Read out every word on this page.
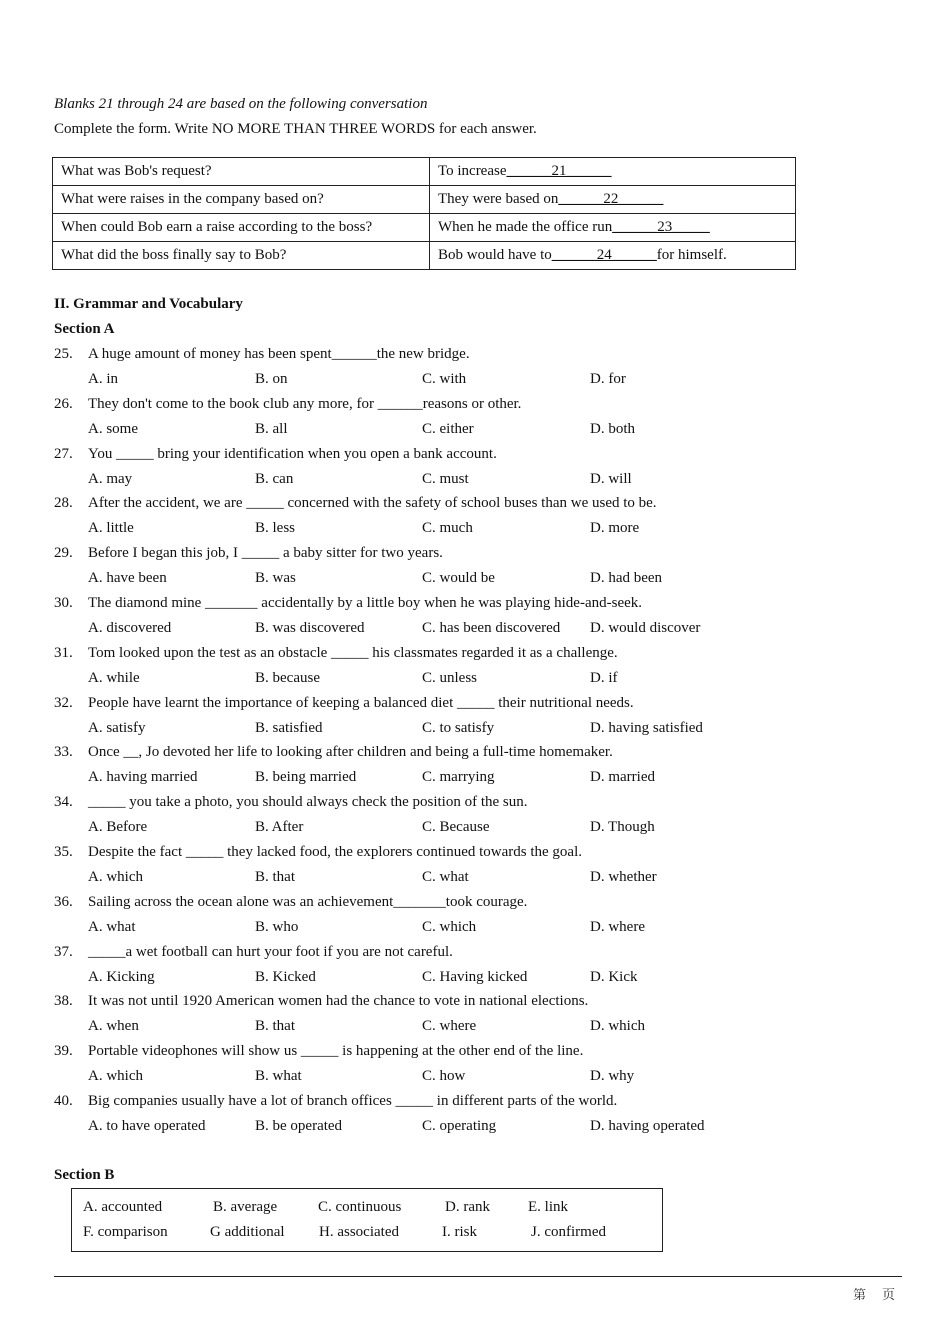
Blanks 21 through 24 are based on the following conversation
Complete the form. Write NO MORE THAN THREE WORDS for each answer.
What was Bob's request?	To increase______21______
What were raises in the company based on?	They were based on______22______
When could Bob earn a raise according to the boss?	When he made the office run______23_____
What did the boss finally say to Bob?	Bob would have to______24______for himself.
II. Grammar and Vocabulary
Section A
25. A huge amount of money has been spent______the new bridge.
A. in	B. on	C. with	D. for
26. They don't come to the book club any more, for ______reasons or other.
A. some	B. all	C. either	D. both
27. You _____ bring your identification when you open a bank account.
A. may	B. can	C. must	D. will
28. After the accident, we are _____ concerned with the safety of school buses than we used to be.
A. little	B. less	C. much	D. more
29. Before I began this job, I _____ a baby sitter for two years.
A. have been	B. was	C. would be	D. had been
30. The diamond mine _______ accidentally by a little boy when he was playing hide-and-seek.
A. discovered	B. was discovered	C. has been discovered D. would discover
31. Tom looked upon the test as an obstacle _____ his classmates regarded it as a challenge.
A. while	B. because	C. unless	D. if
32. People have learnt the importance of keeping a balanced diet _____ their nutritional needs.
A. satisfy	B. satisfied	C. to satisfy	D. having satisfied
33. Once __, Jo devoted her life to looking after children and being a full-time homemaker.
A. having married	B. being married	C. marrying	D. married
34. _____ you take a photo, you should always check the position of the sun.
A. Before	B. After	C. Because	D. Though
35. Despite the fact _____ they lacked food, the explorers continued towards the goal.
A. which	B. that	C. what	D. whether
36. Sailing across the ocean alone was an achievement_______took courage.
A. what	B. who	C. which	D. where
37. _____a wet football can hurt your foot if you are not careful.
A. Kicking	B. Kicked	C. Having kicked	D. Kick
38. It was not until 1920 American women had the chance to vote in national elections.
A. when	B. that	C. where	D. which
39. Portable videophones will show us _____ is happening at the other end of the line.
A. which	B. what	C. how	D. why
40. Big companies usually have a lot of branch offices _____ in different parts of the world.
A. to have operated	B. be operated	C. operating	D. having operated
Section B
A. accounted	B. average	C. continuous	D. rank	E. link
F. comparison	G additional H. associated	I. risk	J. confirmed
第 页
